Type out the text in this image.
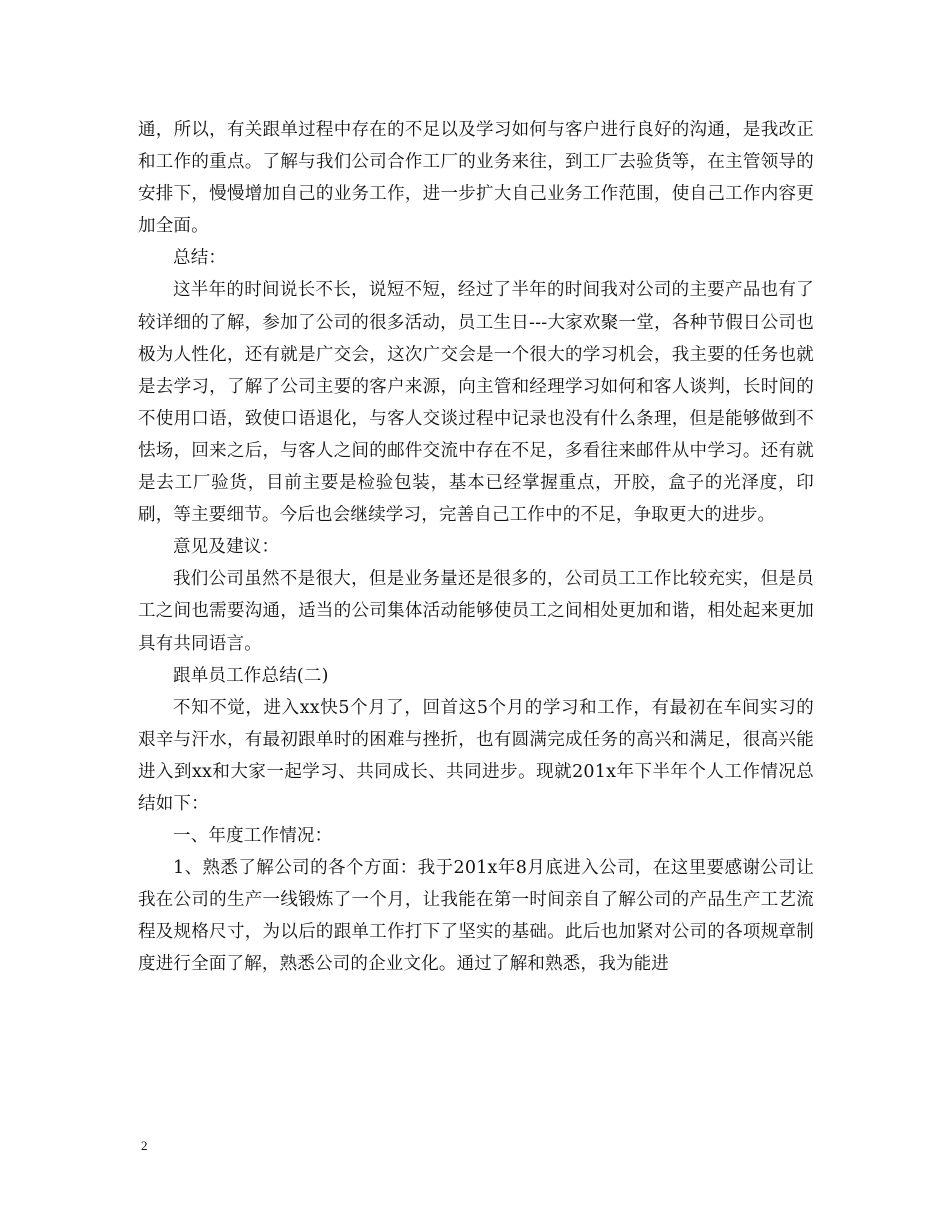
通，所以，有关跟单过程中存在的不足以及学习如何与客户进行良好的沟通，是我改正和工作的重点。了解与我们公司合作工厂的业务来往，到工厂去验货等，在主管领导的安排下，慢慢增加自己的业务工作，进一步扩大自己业务工作范围，使自己工作内容更加全面。

总结：

这半年的时间说长不长，说短不短，经过了半年的时间我对公司的主要产品也有了较详细的了解，参加了公司的很多活动，员工生日---大家欢聚一堂，各种节假日公司也极为人性化，还有就是广交会，这次广交会是一个很大的学习机会，我主要的任务也就是去学习，了解了公司主要的客户来源，向主管和经理学习如何和客人谈判，长时间的不使用口语，致使口语退化，与客人交谈过程中记录也没有什么条理，但是能够做到不怯场，回来之后，与客人之间的邮件交流中存在不足，多看往来邮件从中学习。还有就是去工厂验货，目前主要是检验包装，基本已经掌握重点，开胶，盒子的光泽度，印刷，等主要细节。今后也会继续学习，完善自己工作中的不足，争取更大的进步。

意见及建议：

我们公司虽然不是很大，但是业务量还是很多的，公司员工工作比较充实，但是员工之间也需要沟通，适当的公司集体活动能够使员工之间相处更加和谐，相处起来更加具有共同语言。

跟单员工作总结(二)

不知不觉，进入xx快5个月了，回首这5个月的学习和工作，有最初在车间实习的艰辛与汗水，有最初跟单时的困难与挫折，也有圆满完成任务的高兴和满足，很高兴能进入到xx和大家一起学习、共同成长、共同进步。现就201x年下半年个人工作情况总结如下：

一、年度工作情况：

1、熟悉了解公司的各个方面：我于201x年8月底进入公司，在这里要感谢公司让我在公司的生产一线锻炼了一个月，让我能在第一时间亲自了解公司的产品生产工艺流程及规格尺寸，为以后的跟单工作打下了坚实的基础。此后也加紧对公司的各项规章制度进行全面了解，熟悉公司的企业文化。通过了解和熟悉，我为能进

2
